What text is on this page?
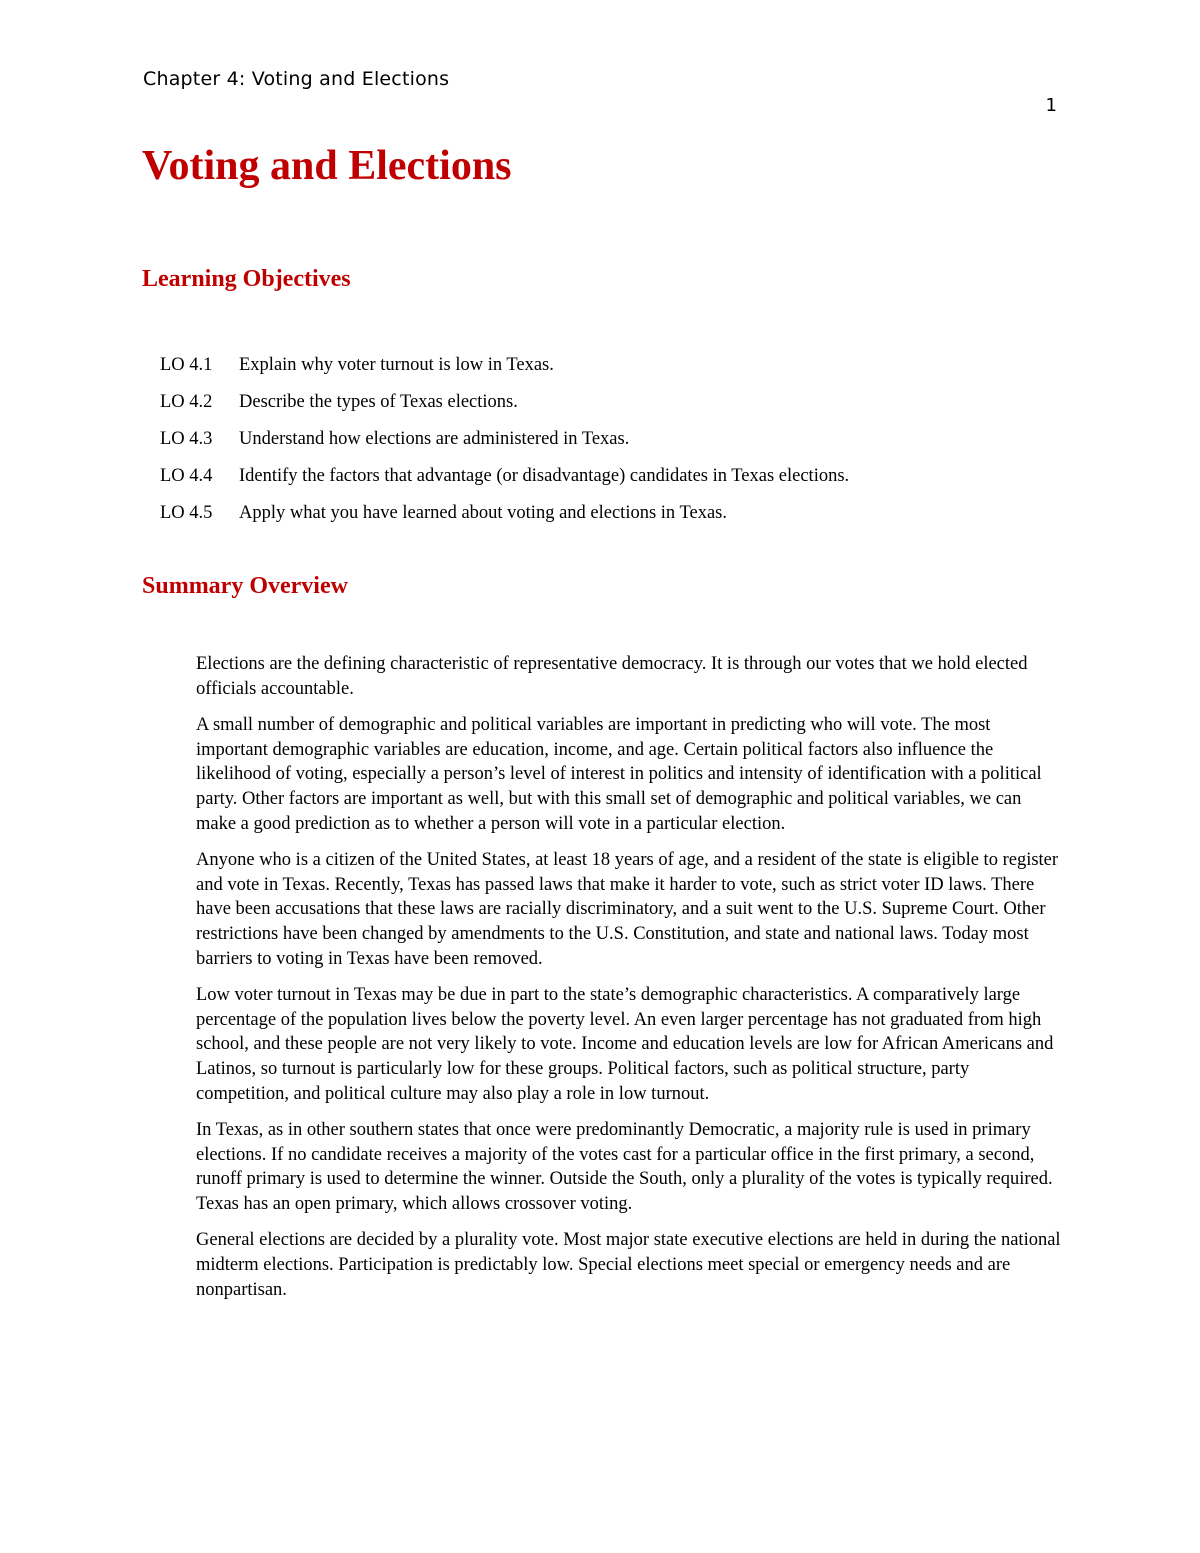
Chapter 4: Voting and Elections
1
Voting and Elections
Learning Objectives
LO 4.1	Explain why voter turnout is low in Texas.
LO 4.2	Describe the types of Texas elections.
LO 4.3	Understand how elections are administered in Texas.
LO 4.4	Identify the factors that advantage (or disadvantage) candidates in Texas elections.
LO 4.5	Apply what you have learned about voting and elections in Texas.
Summary Overview

Elections are the defining characteristic of representative democracy. It is through our votes that we hold elected officials accountable.

A small number of demographic and political variables are important in predicting who will vote. The most important demographic variables are education, income, and age. Certain political factors also influence the likelihood of voting, especially a person’s level of interest in politics and intensity of identification with a political party. Other factors are important as well, but with this small set of demographic and political variables, we can make a good prediction as to whether a person will vote in a particular election.

Anyone who is a citizen of the United States, at least 18 years of age, and a resident of the state is eligible to register and vote in Texas. Recently, Texas has passed laws that make it harder to vote, such as strict voter ID laws. There have been accusations that these laws are racially discriminatory, and a suit went to the U.S. Supreme Court. Other restrictions have been changed by amendments to the U.S. Constitution, and state and national laws. Today most barriers to voting in Texas have been removed.

Low voter turnout in Texas may be due in part to the state’s demographic characteristics. A comparatively large percentage of the population lives below the poverty level. An even larger percentage has not graduated from high school, and these people are not very likely to vote. Income and education levels are low for African Americans and Latinos, so turnout is particularly low for these groups. Political factors, such as political structure, party competition, and political culture may also play a role in low turnout.

In Texas, as in other southern states that once were predominantly Democratic, a majority rule is used in primary elections. If no candidate receives a majority of the votes cast for a particular office in the first primary, a second, runoff primary is used to determine the winner. Outside the South, only a plurality of the votes is typically required. Texas has an open primary, which allows crossover voting.

General elections are decided by a plurality vote. Most major state executive elections are held in during the national midterm elections. Participation is predictably low. Special elections meet special or emergency needs and are nonpartisan.
